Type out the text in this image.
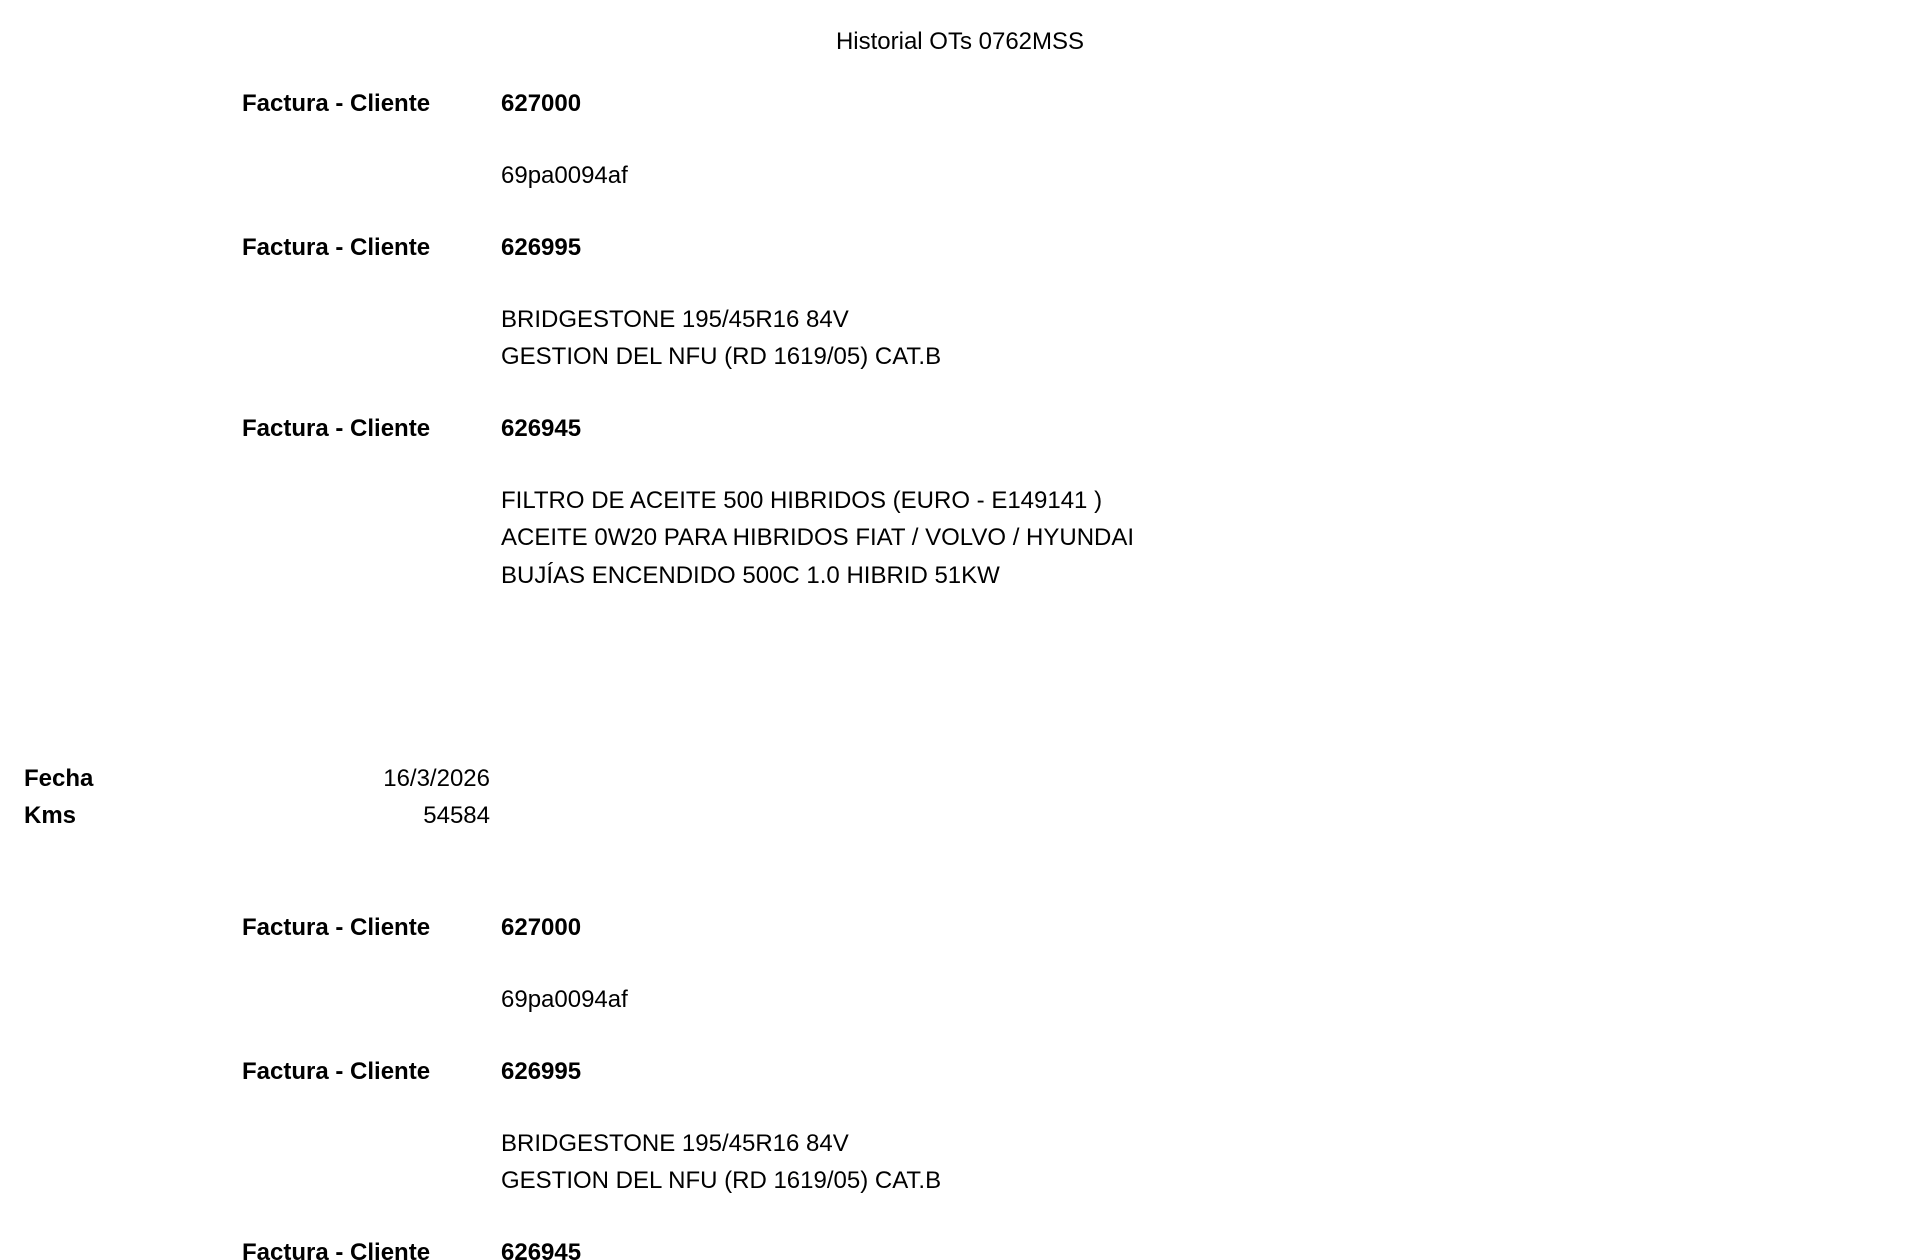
Historial OTs 0762MSS
Factura - Cliente	627000
69pa0094af
Factura - Cliente	626995
BRIDGESTONE 195/45R16 84V
GESTION DEL NFU (RD 1619/05) CAT.B
Factura - Cliente	626945
FILTRO DE ACEITE 500 HIBRIDOS (EURO - E149141 )
ACEITE 0W20 PARA HIBRIDOS FIAT / VOLVO / HYUNDAI
BUJÍAS ENCENDIDO 500C 1.0 HIBRID 51KW
Fecha	16/3/2026
Kms	54584
Factura - Cliente	627000
69pa0094af
Factura - Cliente	626995
BRIDGESTONE 195/45R16 84V
GESTION DEL NFU (RD 1619/05) CAT.B
Factura - Cliente	626945
